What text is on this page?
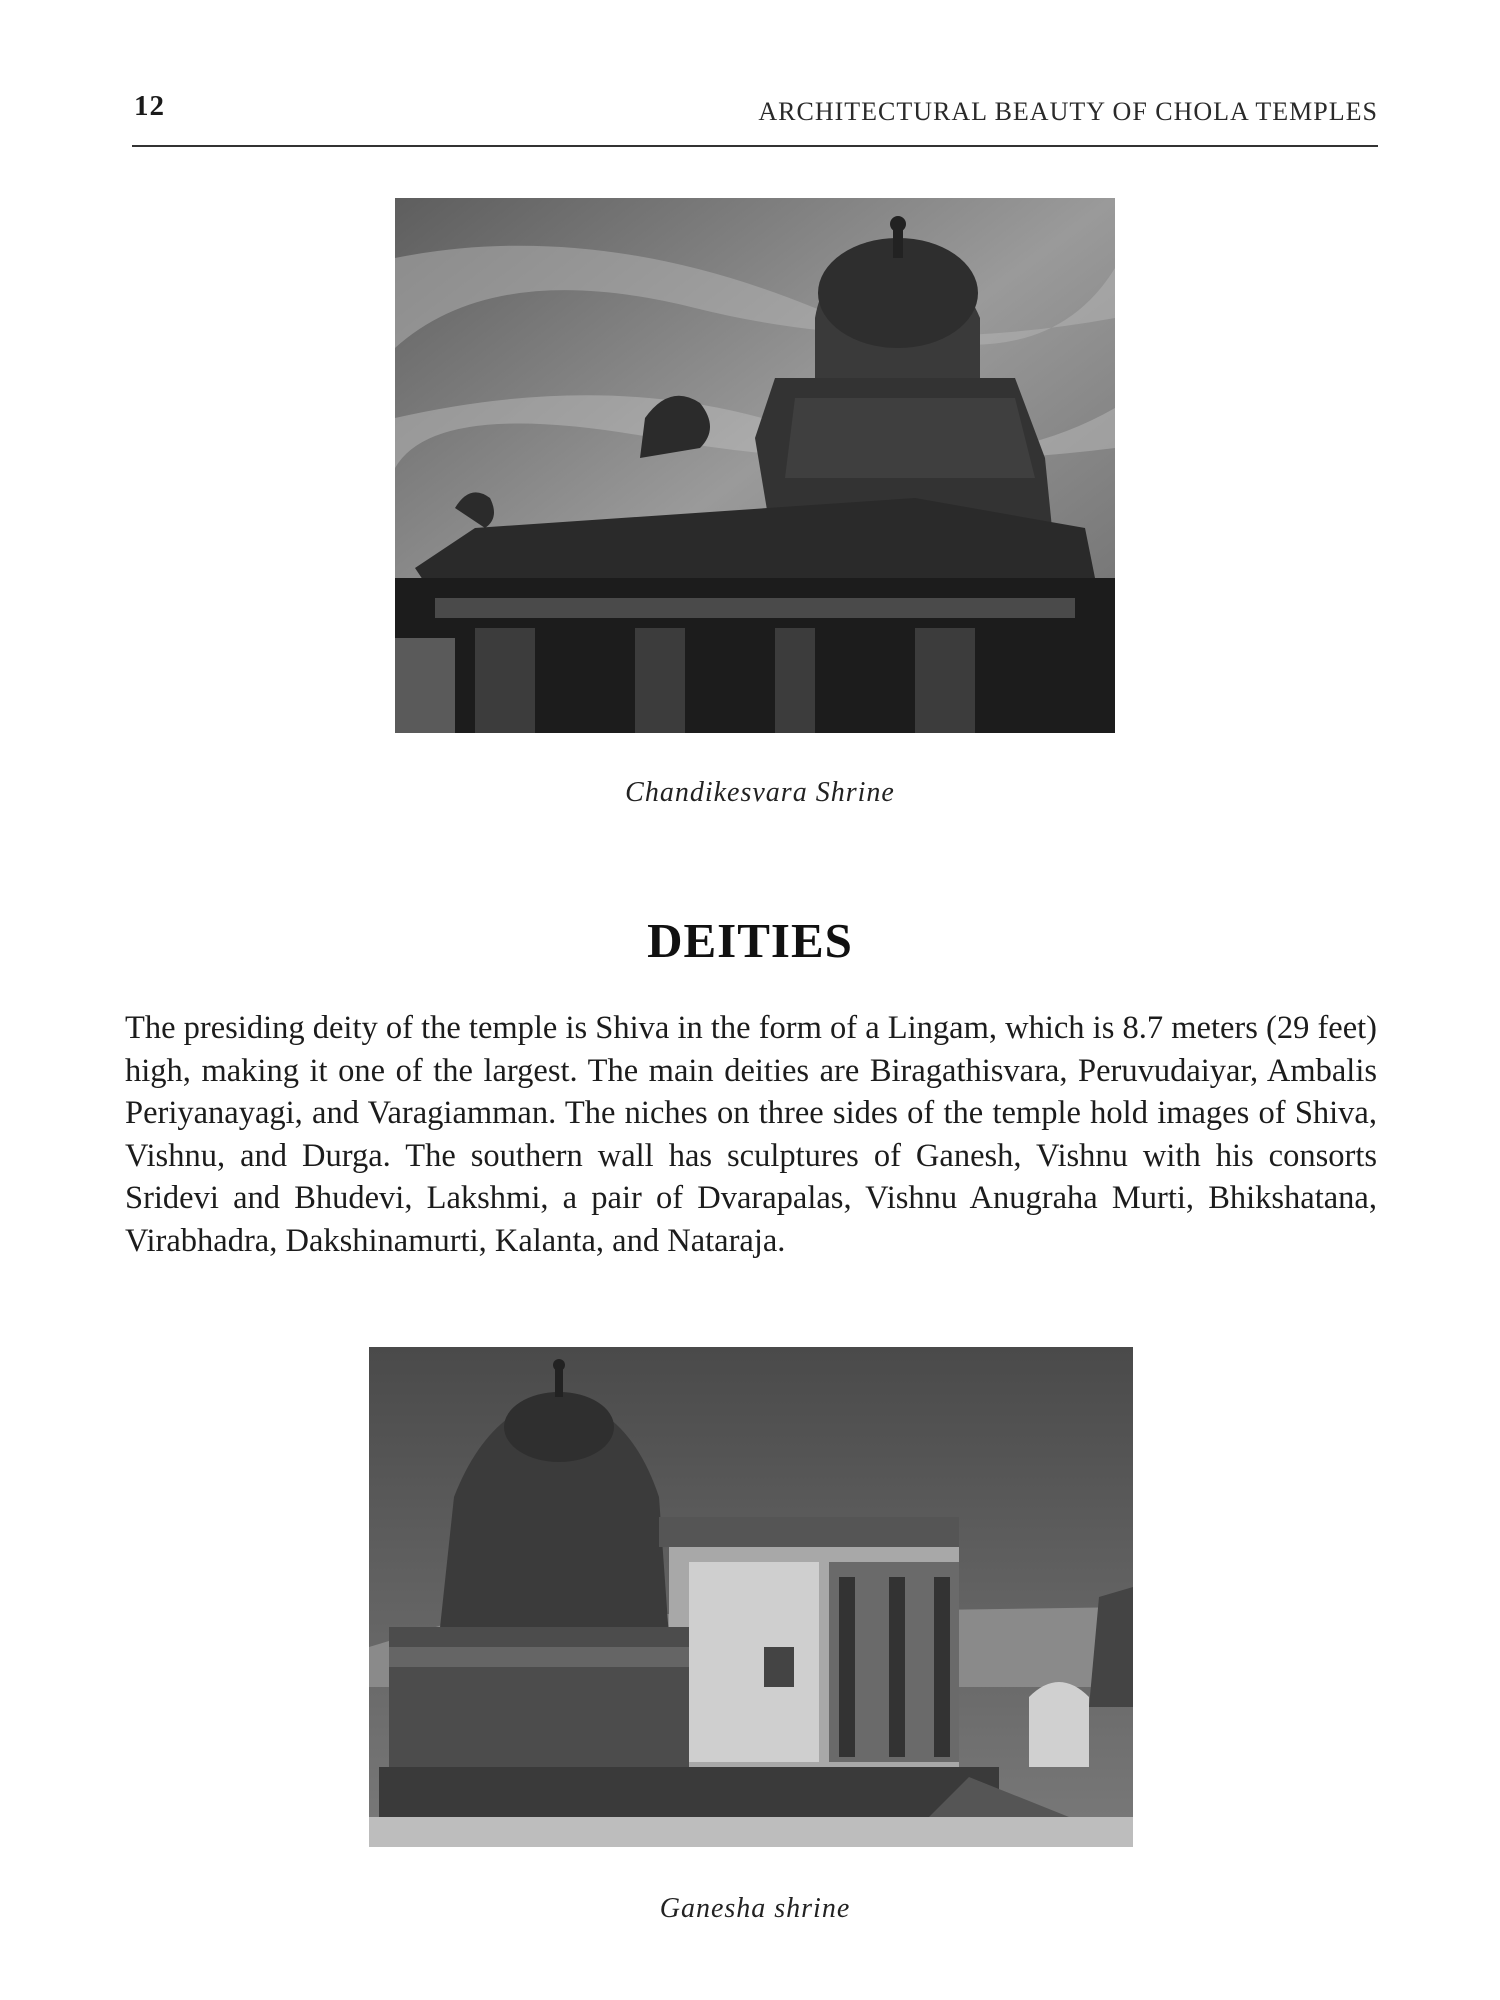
12	ARCHITECTURAL BEAUTY OF CHOLA TEMPLES
Chandikesvara Shrine
DEITIES
The presiding deity of the temple is Shiva in the form of a Lingam, which is 8.7 meters (29 feet) high, making it one of the largest. The main deities are Biragathisvara, Peruvudaiyar, Ambalis Periyanayagi, and Varagiamman. The niches on three sides of the temple hold images of Shiva, Vishnu, and Durga. The southern wall has sculptures of Ganesh, Vishnu with his consorts Sridevi and Bhudevi, Lakshmi, a pair of Dvarapalas, Vishnu Anugraha Murti, Bhikshatana, Virabhadra, Dakshinamurti, Kalanta, and Nataraja.
Ganesha shrine
